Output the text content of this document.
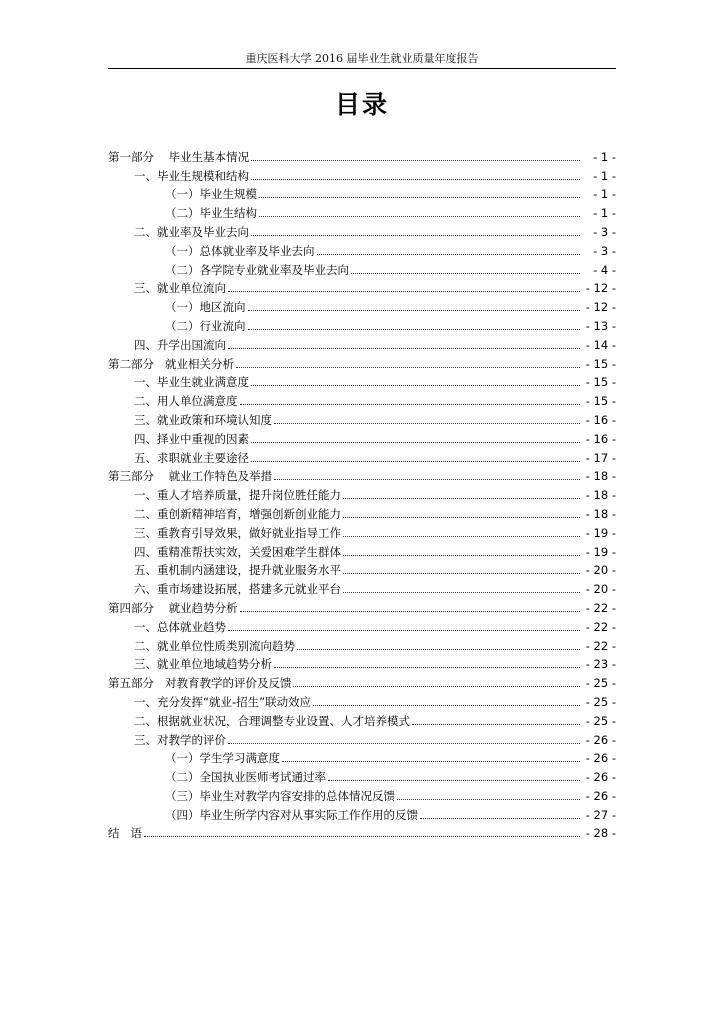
重庆医科大学 2016 届毕业生就业质量年度报告
目录
第一部分    毕业生基本情况	- 1 -
一、毕业生规模和结构	- 1 -
（一）毕业生规模	- 1 -
（二）毕业生结构	- 1 -
二、就业率及毕业去向	- 3 -
（一）总体就业率及毕业去向	- 3 -
（二）各学院专业就业率及毕业去向	- 4 -
三、就业单位流向	- 12 -
（一）地区流向	- 12 -
（二）行业流向	- 13 -
四、升学出国流向	- 14 -
第二部分   就业相关分析	- 15 -
一、毕业生就业满意度	- 15 -
二、用人单位满意度	- 15 -
三、就业政策和环境认知度	- 16 -
四、择业中重视的因素	- 16 -
五、求职就业主要途径	- 17 -
第三部分    就业工作特色及举措	- 18 -
一、重人才培养质量，提升岗位胜任能力	- 18 -
二、重创新精神培育，增强创新创业能力	- 18 -
三、重教育引导效果，做好就业指导工作	- 19 -
四、重精准帮扶实效，关爱困难学生群体	- 19 -
五、重机制内涵建设，提升就业服务水平	- 20 -
六、重市场建设拓展，搭建多元就业平台	- 20 -
第四部分    就业趋势分析	- 22 -
一、总体就业趋势	- 22 -
二、就业单位性质类别流向趋势	- 22 -
三、就业单位地域趋势分析	- 23 -
第五部分   对教育教学的评价及反馈	- 25 -
一、充分发挥“就业-招生”联动效应	- 25 -
二、根据就业状况，合理调整专业设置、人才培养模式	- 25 -
三、对教学的评价	- 26 -
（一）学生学习满意度	- 26 -
（二）全国执业医师考试通过率	- 26 -
（三）毕业生对教学内容安排的总体情况反馈	- 26 -
（四）毕业生所学内容对从事实际工作作用的反馈	- 27 -
结   语	- 28 -
